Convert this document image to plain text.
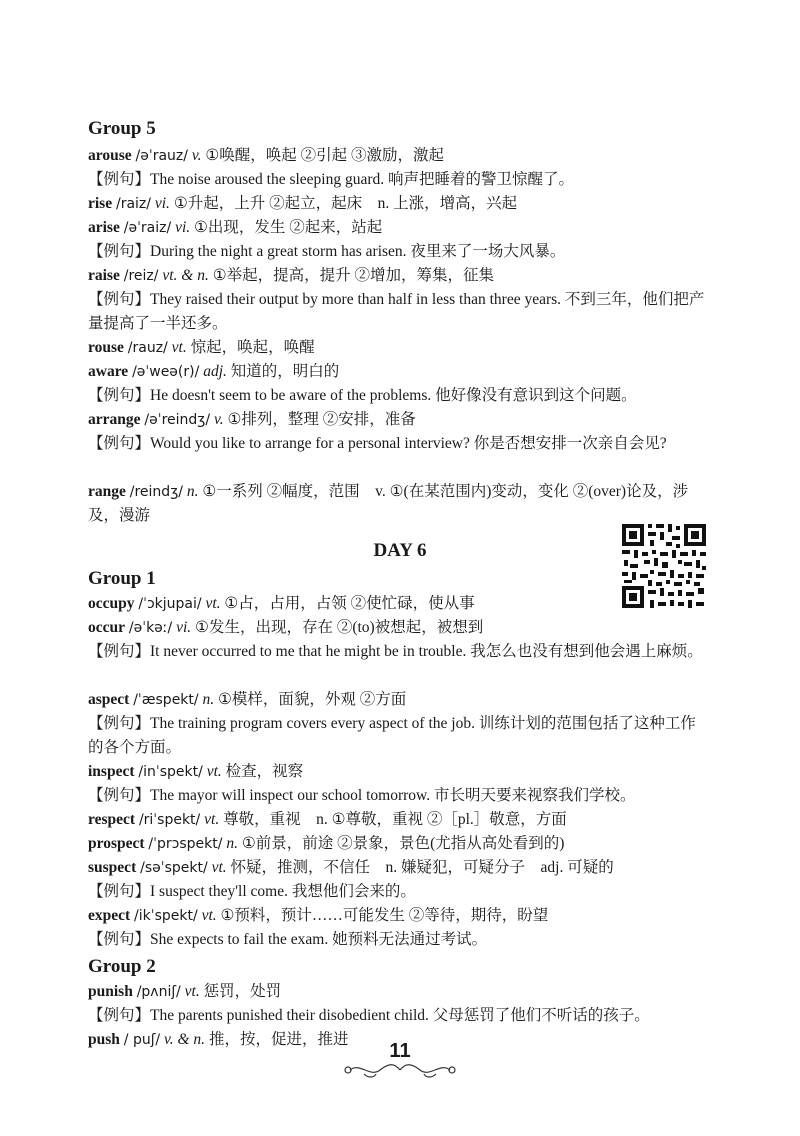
Group 5
arouse /əˈrauz/ v. ①唤醒，唤起 ②引起 ③激励，激起
【例句】The noise aroused the sleeping guard. 响声把睡着的警卫惊醒了。
rise /raiz/ vi. ①升起，上升 ②起立，起床　n. 上涨，增高，兴起
arise /əˈraiz/ vi. ①出现，发生 ②起来，站起
【例句】During the night a great storm has arisen. 夜里来了一场大风暴。
raise /reiz/ vt. & n. ①举起，提高，提升 ②增加，筹集，征集
【例句】They raised their output by more than half in less than three years. 不到三年，他们把产量提高了一半还多。
rouse /rauz/ vt. 惊起，唤起，唤醒
aware /əˈweə(r)/ adj. 知道的，明白的
【例句】He doesn't seem to be aware of the problems. 他好像没有意识到这个问题。
arrange /əˈreindʒ/ v. ①排列，整理 ②安排，准备
【例句】Would you like to arrange for a personal interview? 你是否想安排一次亲自会见?
range /reindʒ/ n. ①一系列 ②幅度，范围　v. ①(在某范围内)变动，变化 ②(over)论及，涉及，漫游
DAY 6
Group 1
occupy /ˈɔkjupai/ vt. ①占，占用，占领 ②使忙碌，使从事
occur /əˈkəː/ vi. ①发生，出现，存在 ②(to)被想起，被想到
【例句】It never occurred to me that he might be in trouble. 我怎么也没有想到他会遇上麻烦。
aspect /ˈæspekt/ n. ①模样，面貌，外观 ②方面
【例句】The training program covers every aspect of the job. 训练计划的范围包括了这种工作的各个方面。
inspect /inˈspekt/ vt. 检查，视察
【例句】The mayor will inspect our school tomorrow. 市长明天要来视察我们学校。
respect /riˈspekt/ vt. 尊敬，重视　n. ①尊敬，重视 ②［pl.］敬意，方面
prospect /ˈprɔspekt/ n. ①前景，前途 ②景象，景色(尤指从高处看到的)
suspect /səˈspekt/ vt. 怀疑，推测，不信任　n. 嫌疑犯，可疑分子　adj. 可疑的
【例句】I suspect they'll come. 我想他们会来的。
expect /ikˈspekt/ vt. ①预料，预计……可能发生 ②等待，期待，盼望
【例句】She expects to fail the exam. 她预料无法通过考试。
Group 2
punish /pʌniʃ/ vt. 惩罚，处罚
【例句】The parents punished their disobedient child. 父母惩罚了他们不听话的孩子。
push / puʃ/ v. & n. 推，按，促进，推进
11
